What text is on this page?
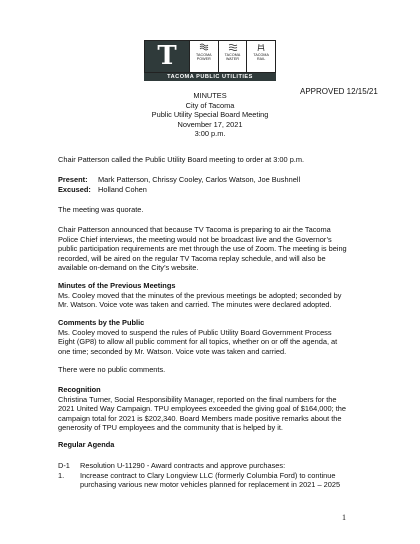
T	TACOMA
POWER
TACOMA
WATER
TACOMA
RAIL
TACOMA PUBLIC UTILITIES
APPROVED 12/15/21
MINUTES
City of Tacoma
Public Utility Special Board Meeting
November 17, 2021
3:00 p.m.
Chair Patterson called the Public Utility Board meeting to order at 3:00 p.m.
Present:	Mark Patterson, Chrissy Cooley, Carlos Watson, Joe Bushnell
Excused: Holland Cohen
The meeting was quorate.
Chair Patterson announced that because TV Tacoma is preparing to air the Tacoma
Police Chief interviews, the meeting would not be broadcast live and the Governor’s
public participation requirements are met through the use of Zoom. The meeting is being
recorded, will be aired on the regular TV Tacoma replay schedule, and will also be
available on-demand on the City’s website.
Minutes of the Previous Meetings
Ms. Cooley moved that the minutes of the previous meetings be adopted; seconded by
Mr. Watson. Voice vote was taken and carried. The minutes were declared adopted.
Comments by the Public
Ms. Cooley moved to suspend the rules of Public Utility Board Government Process
Eight (GP8) to allow all public comment for all topics, whether on or off the agenda, at
one time; seconded by Mr. Watson. Voice vote was taken and carried.
There were no public comments.
Recognition
Christina Turner, Social Responsibility Manager, reported on the final numbers for the
2021 United Way Campaign. TPU employees exceeded the giving goal of $164,000; the
campaign total for 2021 is $202,340. Board Members made positive remarks about the
generosity of TPU employees and the community that is helped by it.
Regular Agenda
D-1	Resolution U-11290 - Award contracts and approve purchases:
1.	Increase contract to Clary Longview LLC (formerly Columbia Ford) to continue
purchasing various new motor vehicles planned for replacement in 2021 – 2025
1
